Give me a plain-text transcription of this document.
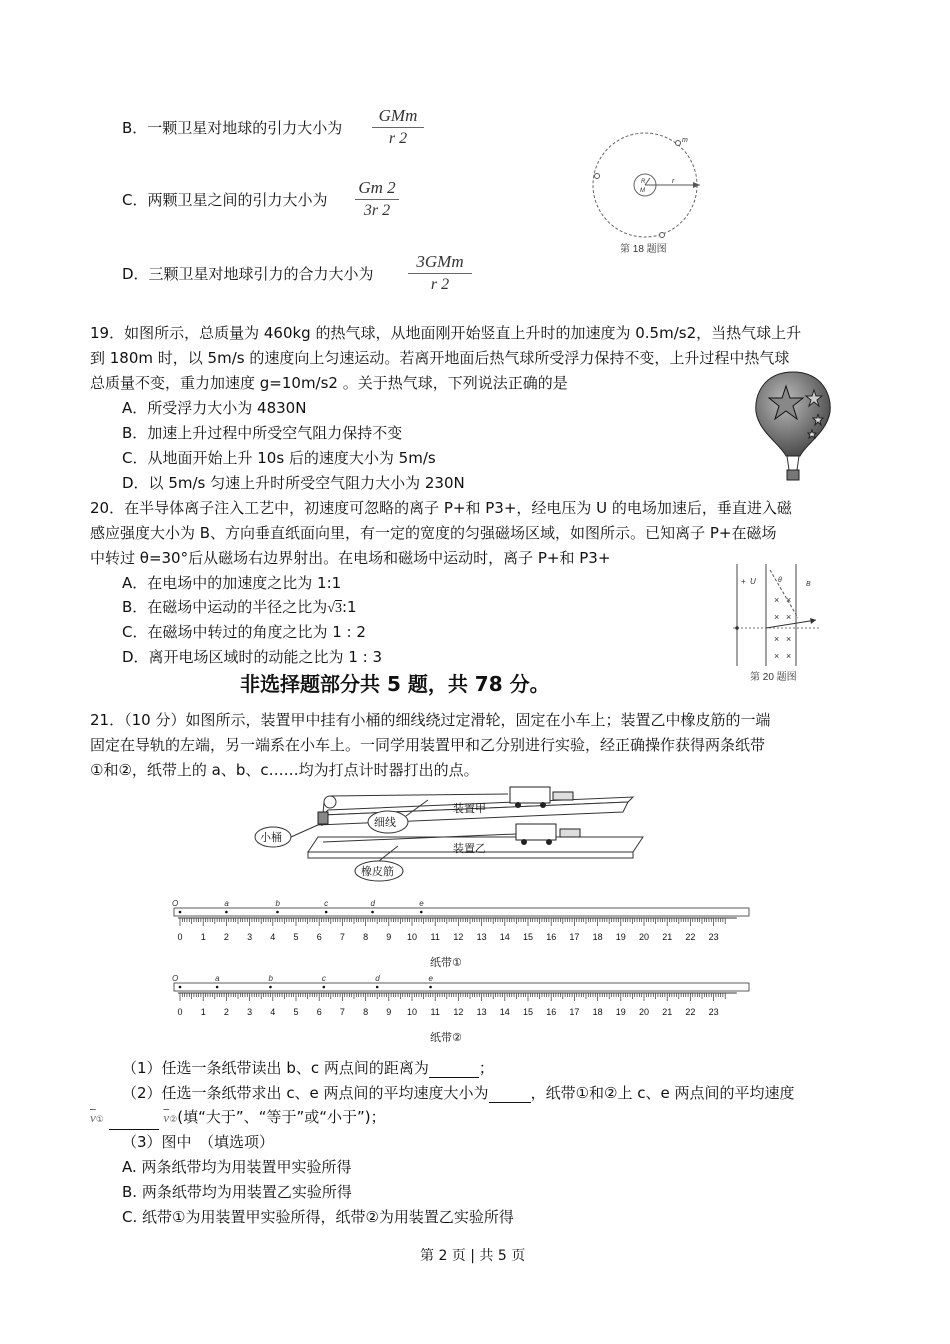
B．一颗卫星对地球的引力大小为
GMm
r 2
C．两颗卫星之间的引力大小为
Gm 2
3r 2
D．三颗卫星对地球引力的合力大小为
3GMm
r 2
m
R
M
r
第 18 题图
19．如图所示，总质量为 460kg 的热气球，从地面刚开始竖直上升时的加速度为 0.5m/s2，当热气球上升
到 180m 时，以 5m/s 的速度向上匀速运动。若离开地面后热气球所受浮力保持不变，上升过程中热气球
总质量不变，重力加速度 g=10m/s2 。关于热气球，下列说法正确的是
A．所受浮力大小为 4830N
B．加速上升过程中所受空气阻力保持不变
C．从地面开始上升 10s 后的速度大小为 5m/s
D．以 5m/s 匀速上升时所受空气阻力大小为 230N
20．在半导体离子注入工艺中，初速度可忽略的离子 P+和 P3+，经电压为 U 的电场加速后，垂直进入磁
感应强度大小为 B、方向垂直纸面向里，有一定的宽度的匀强磁场区域，如图所示。已知离子 P+在磁场
中转过 θ=30°后从磁场右边界射出。在电场和磁场中运动时，离子 P+和 P3+
A．在电场中的加速度之比为 1:1
B．在磁场中运动的半径之比为√3:1
C．在磁场中转过的角度之比为 1 : 2
D．离开电场区域时的动能之比为 1 : 3
+ U	B
θ
× ×
× ×
× ×
× ×
第 20 题图
非选择题部分共 5 题，共 78 分。
21．（10 分）如图所示，装置甲中挂有小桶的细线绕过定滑轮，固定在小车上；装置乙中橡皮筋的一端
固定在导轨的左端，另一端系在小车上。一同学用装置甲和乙分别进行实验，经正确操作获得两条纸带
①和②，纸带上的 a、b、c……均为打点计时器打出的点。
小桶
细线
装置甲
装置乙
橡皮筋
0 1 2 3 4 5 6 7 8 9 10 11 12 13 14 15 16 17 18 19 20 21 22 23
O	a	b	c	d	e
纸带①
0 1 2 3 4 5 6 7 8 9 10 11 12 13 14 15 16 17 18 19 20 21 22 23
O	a	b	c	d	e
纸带②
（1）任选一条纸带读出 b、c 两点间的距离为	；
（2）任选一条纸带求出 c、e 两点间的平均速度大小为	，纸带①和②上 c、e 两点间的平均速度
$\overline{v}①$	$\overline{v}②$(填“大于”、“等于”或“小于”)；
（3）图中　（填选项）
A. 两条纸带均为用装置甲实验所得
B. 两条纸带均为用装置乙实验所得
C. 纸带①为用装置甲实验所得，纸带②为用装置乙实验所得
第 2 页 | 共 5 页
